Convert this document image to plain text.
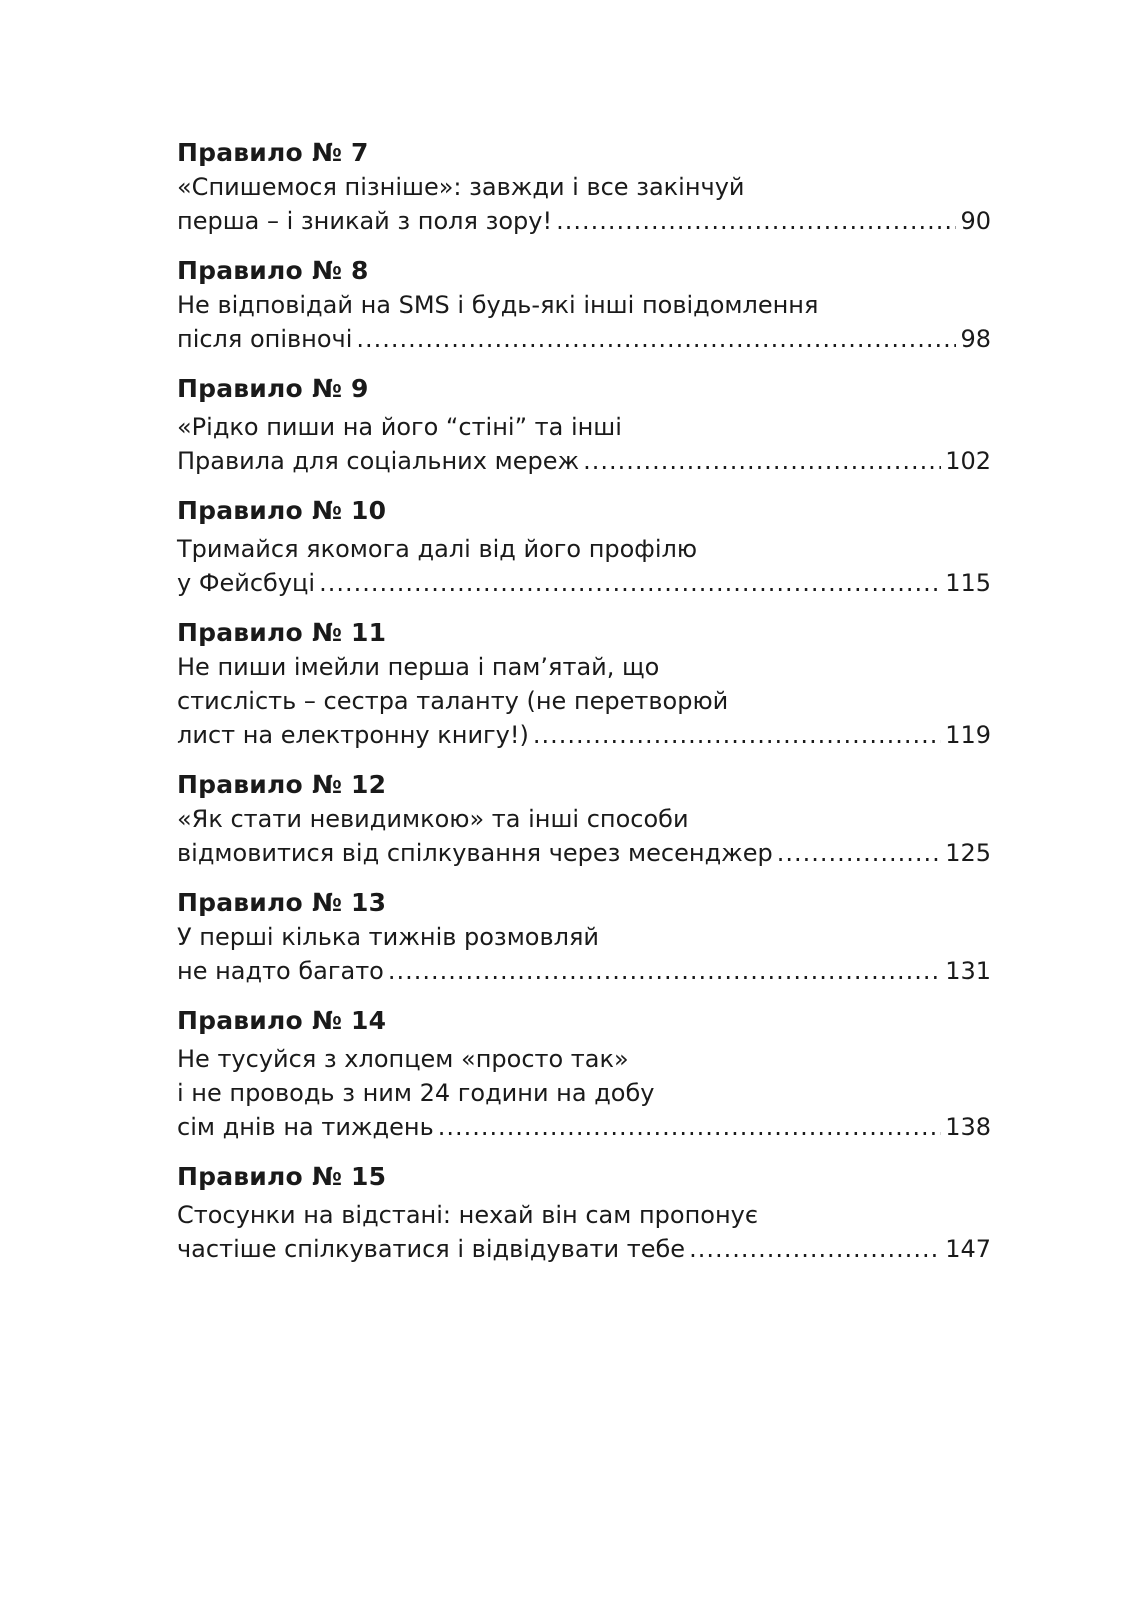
Правило № 7
«Спишемося пізніше»: завжди і все закінчуй
перша – і зникай з поля зору! .....	90
Правило № 8
Не відповідай на SMS і будь-які інші повідомлення
після опівночі .....	98
Правило № 9
«Рідко пиши на його “стіні” та інші
Правила для соціальних мереж .....	102
Правило № 10
Тримайся якомога далі від його профілю
у Фейсбуці .....	115
Правило № 11
Не пиши імейли перша і пам’ятай, що
стислість – сестра таланту (не перетворюй
лист на електронну книгу!) .....	119
Правило № 12
«Як стати невидимкою» та інші способи
відмовитися від спілкування через месенджер .....	125
Правило № 13
У перші кілька тижнів розмовляй
не надто багато .....	131
Правило № 14
Не тусуйся з хлопцем «просто так»
і не проводь з ним 24 години на добу
сім днів на тиждень .....	138
Правило № 15
Стосунки на відстані: нехай він сам пропонує
частіше спілкуватися і відвідувати тебе .....	147
